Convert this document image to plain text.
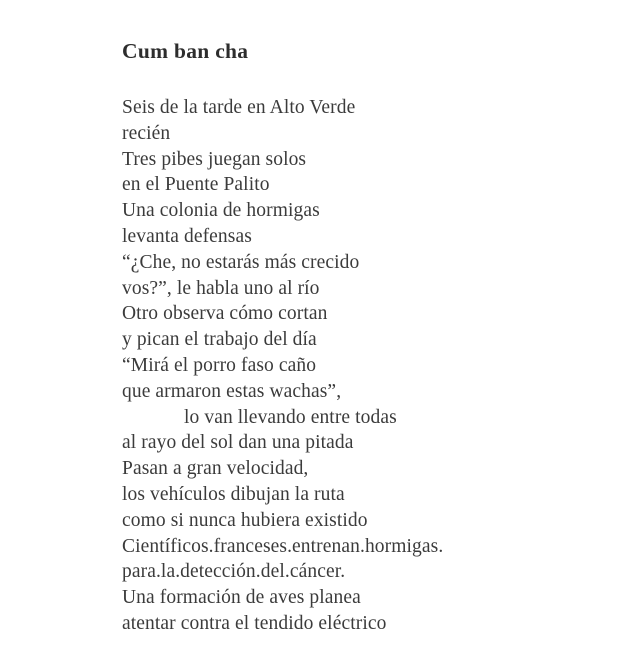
Cum ban cha
Seis de la tarde en Alto Verde
recién
Tres pibes juegan solos
en el Puente Palito
Una colonia de hormigas
levanta defensas
“¿Che, no estarás más crecido
vos?”, le habla uno al río
Otro observa cómo cortan
y pican el trabajo del día
“Mirá el porro faso caño
que armaron estas wachas”,
lo van llevando entre todas
al rayo del sol dan una pitada
Pasan a gran velocidad,
los vehículos dibujan la ruta
como si nunca hubiera existido
Científicos.franceses.entrenan.hormigas.
para.la.detección.del.cáncer.
Una formación de aves planea
atentar contra el tendido eléctrico
